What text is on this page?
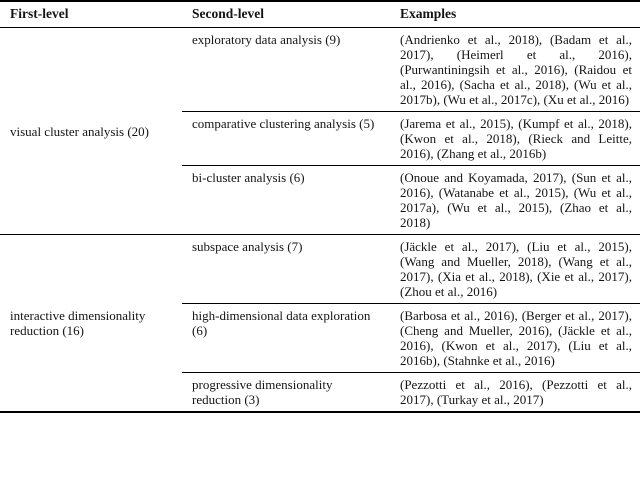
First-level	Second-level	Examples
visual cluster analysis (20)	exploratory data analysis (9)	(Andrienko et al., 2018), (Badam et al., 2017), (Heimerl et al., 2016), (Purwantiningsih et al., 2016), (Raidou et al., 2016), (Sacha et al., 2018), (Wu et al., 2017b), (Wu et al., 2017c), (Xu et al., 2016)
	comparative clustering analysis (5)	(Jarema et al., 2015), (Kumpf et al., 2018), (Kwon et al., 2018), (Rieck and Leitte, 2016), (Zhang et al., 2016b)
	bi-cluster analysis (6)	(Onoue and Koyamada, 2017), (Sun et al., 2016), (Watanabe et al., 2015), (Wu et al., 2017a), (Wu et al., 2015), (Zhao et al., 2018)
interactive dimensionality reduction (16)	subspace analysis (7)	(Jäckle et al., 2017), (Liu et al., 2015), (Wang and Mueller, 2018), (Wang et al., 2017), (Xia et al., 2018), (Xie et al., 2017), (Zhou et al., 2016)
	high-dimensional data exploration (6)	(Barbosa et al., 2016), (Berger et al., 2017), (Cheng and Mueller, 2016), (Jäckle et al., 2016), (Kwon et al., 2017), (Liu et al., 2016b), (Stahnke et al., 2016)
	progressive dimensionality reduction (3)	(Pezzotti et al., 2016), (Pezzotti et al., 2017), (Turkay et al., 2017)
